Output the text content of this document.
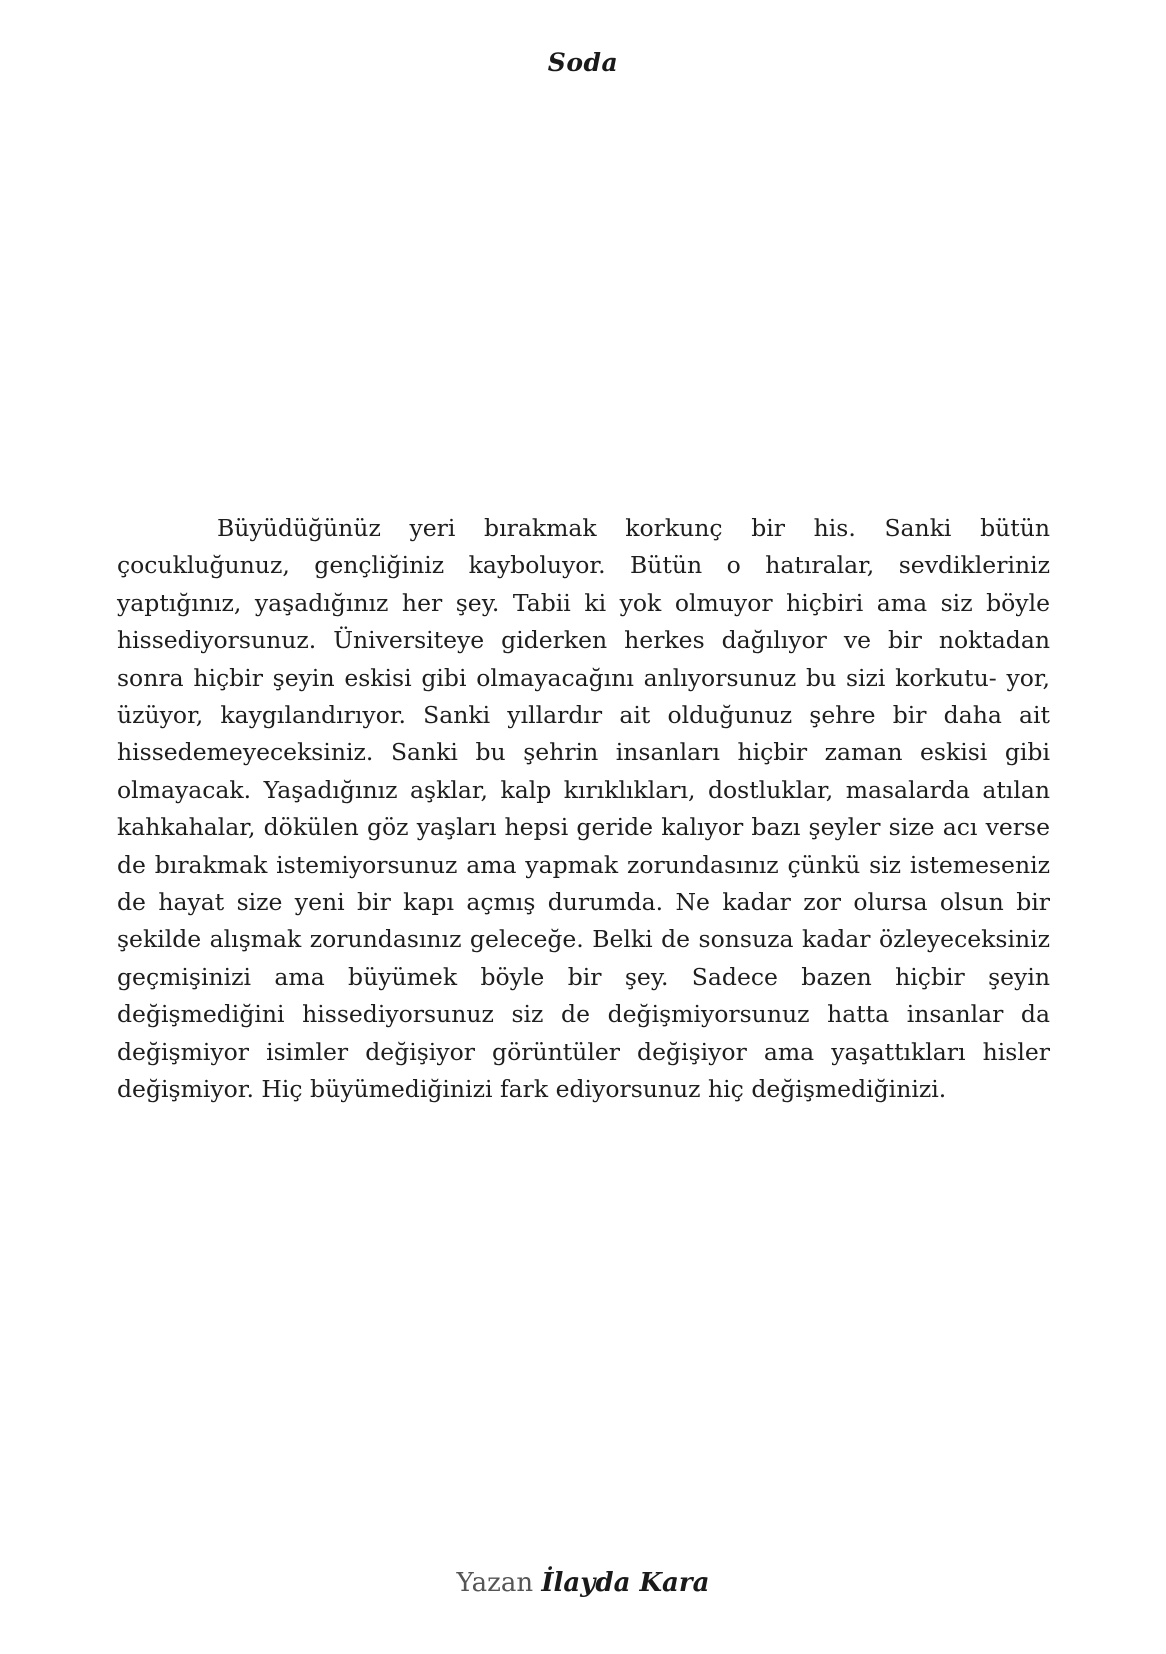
Soda

Büyüdüğünüz yeri bırakmak korkunç bir his. Sanki bütün çocukluğunuz, gençliğiniz kayboluyor. Bütün o hatıralar, sevdikleriniz yaptığınız, yaşadığınız her şey. Tabii ki yok olmuyor hiçbiri ama siz böyle hissediyorsunuz. Üniversiteye giderken herkes dağılıyor ve bir noktadan sonra hiçbir şeyin eskisi gibi olmayacağını anlıyorsunuz bu sizi korkutu- yor, üzüyor, kaygılandırıyor. Sanki yıllardır ait olduğunuz şehre bir daha ait hissedemeyeceksiniz. Sanki bu şehrin insanları hiçbir zaman eskisi gibi olmayacak. Yaşadığınız aşklar, kalp kırıklıkları, dostluklar, masalarda atılan kahkahalar, dökülen göz yaşları hepsi geride kalıyor bazı şeyler size acı verse de bırakmak istemiyorsunuz ama yapmak zorundasınız çünkü siz istemeseniz de hayat size yeni bir kapı açmış durumda. Ne kadar zor olursa olsun bir şekilde alışmak zorundasınız geleceğe. Belki de sonsuza kadar özleyeceksiniz geçmişinizi ama büyümek böyle bir şey. Sadece bazen hiçbir şeyin değişmediğini hissediyorsunuz siz de değişmiyorsunuz hatta insanlar da değişmiyor isimler değişiyor görüntüler değişiyor ama yaşattıkları hisler değişmiyor. Hiç büyümediğinizi fark ediyorsunuz hiç değişmediğinizi.

Yazan İlayda Kara
